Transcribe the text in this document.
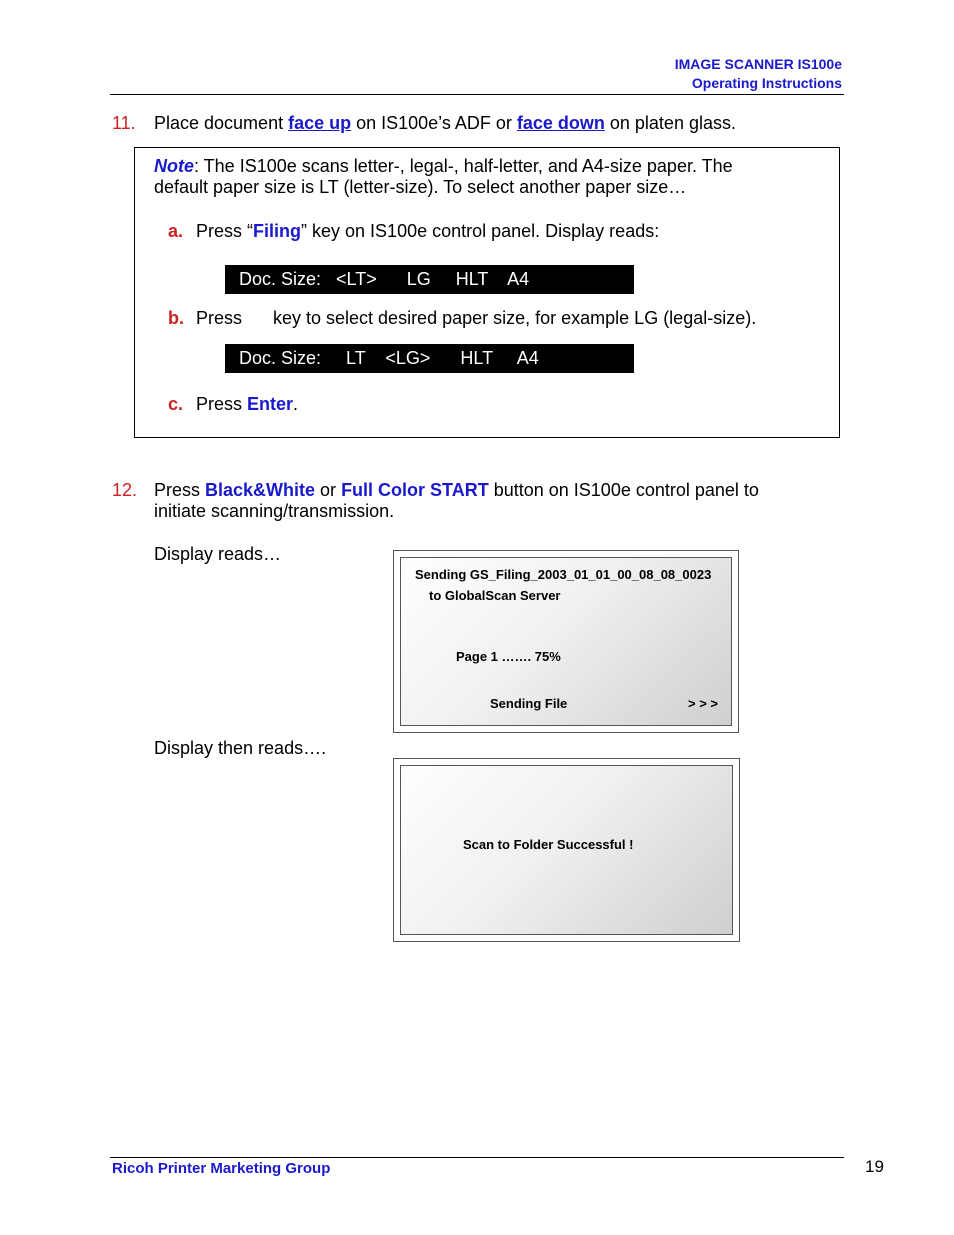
IMAGE SCANNER IS100e
Operating Instructions
11. Place document face up on IS100e’s ADF or face down on platen glass.
Note: The IS100e scans letter-, legal-, half-letter, and A4-size paper. The
default paper size is LT (letter-size). To select another paper size…
a. Press “Filing” key on IS100e control panel. Display reads:
Doc. Size:   <LT>      LG     HLT    A4
b. Press key to select desired paper size, for example LG (legal-size).
Doc. Size:     LT    <LG>      HLT     A4
c. Press Enter.
12. Press Black&White or Full Color START button on IS100e control panel to
initiate scanning/transmission.
Display reads…
Sending GS_Filing_2003_01_01_00_08_08_0023
to GlobalScan Server
Page 1 ……. 75%
Sending File	> > >
Display then reads….
Scan to Folder Successful !
Ricoh Printer Marketing Group	19
